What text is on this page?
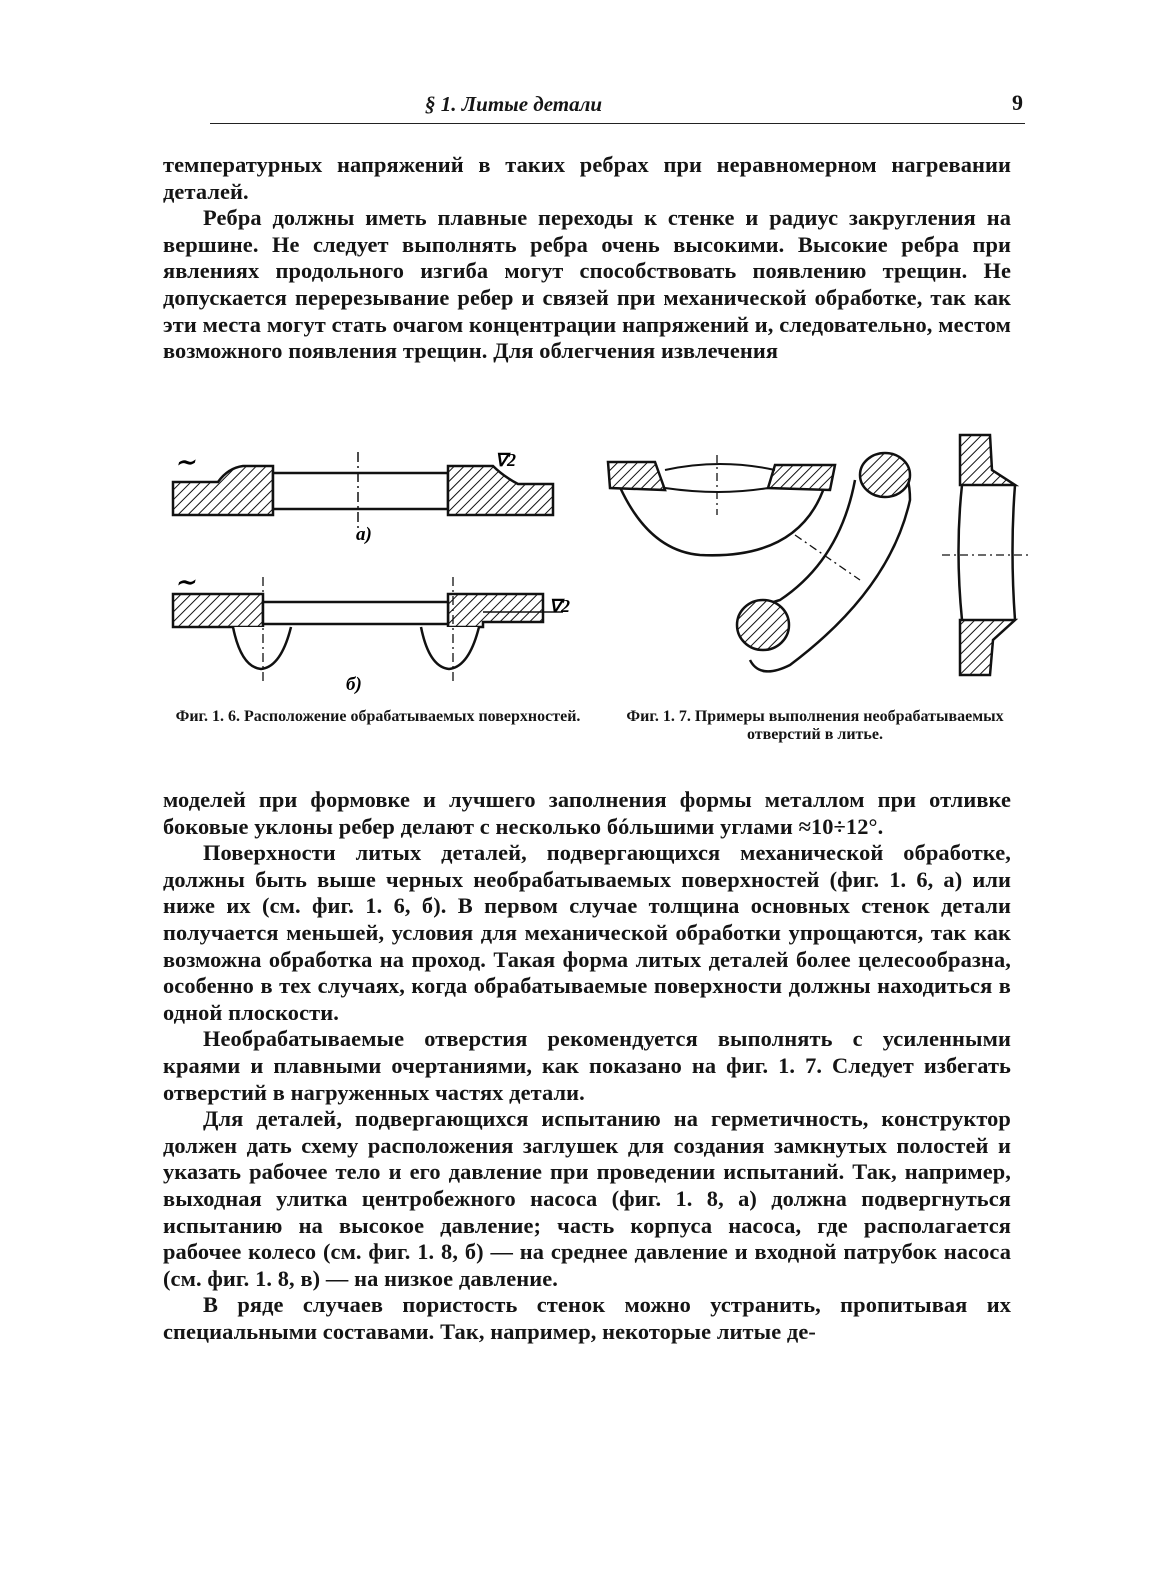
§ 1. Литые детали	9

температурных напряжений в таких ребрах при неравномерном нагревании деталей.

Ребра должны иметь плавные переходы к стенке и радиус закругления на вершине. Не следует выполнять ребра очень высокими. Высокие ребра при явлениях продольного изгиба могут способствовать появлению трещин. Не допускается перерезывание ребер и связей при механической обработке, так как эти места могут стать очагом концентрации напряжений и, следовательно, местом возможного появления трещин. Для облегчения извлечения

∼	∇2
а)
∼
∇2
б)
Фиг. 1. 6. Расположение обрабатываемых поверхностей.	Фиг. 1. 7. Примеры выполнения необрабатываемых отверстий в литье.

моделей при формовке и лучшего заполнения формы металлом при отливке боковые уклоны ребер делают с несколько бóльшими углами ≈10÷12°.

Поверхности литых деталей, подвергающихся механической обработке, должны быть выше черных необрабатываемых поверхностей (фиг. 1. 6, а) или ниже их (см. фиг. 1. 6, б). В первом случае толщина основных стенок детали получается меньшей, условия для механической обработки упрощаются, так как возможна обработка на проход. Такая форма литых деталей более целесообразна, особенно в тех случаях, когда обрабатываемые поверхности должны находиться в одной плоскости.

Необрабатываемые отверстия рекомендуется выполнять с усиленными краями и плавными очертаниями, как показано на фиг. 1. 7. Следует избегать отверстий в нагруженных частях детали.

Для деталей, подвергающихся испытанию на герметичность, конструктор должен дать схему расположения заглушек для создания замкнутых полостей и указать рабочее тело и его давление при проведении испытаний. Так, например, выходная улитка центробежного насоса (фиг. 1. 8, а) должна подвергнуться испытанию на высокое давление; часть корпуса насоса, где располагается рабочее колесо (см. фиг. 1. 8, б) — на среднее давление и входной патрубок насоса (см. фиг. 1. 8, в) — на низкое давление.

В ряде случаев пористость стенок можно устранить, пропитывая их специальными составами. Так, например, некоторые литые де-
